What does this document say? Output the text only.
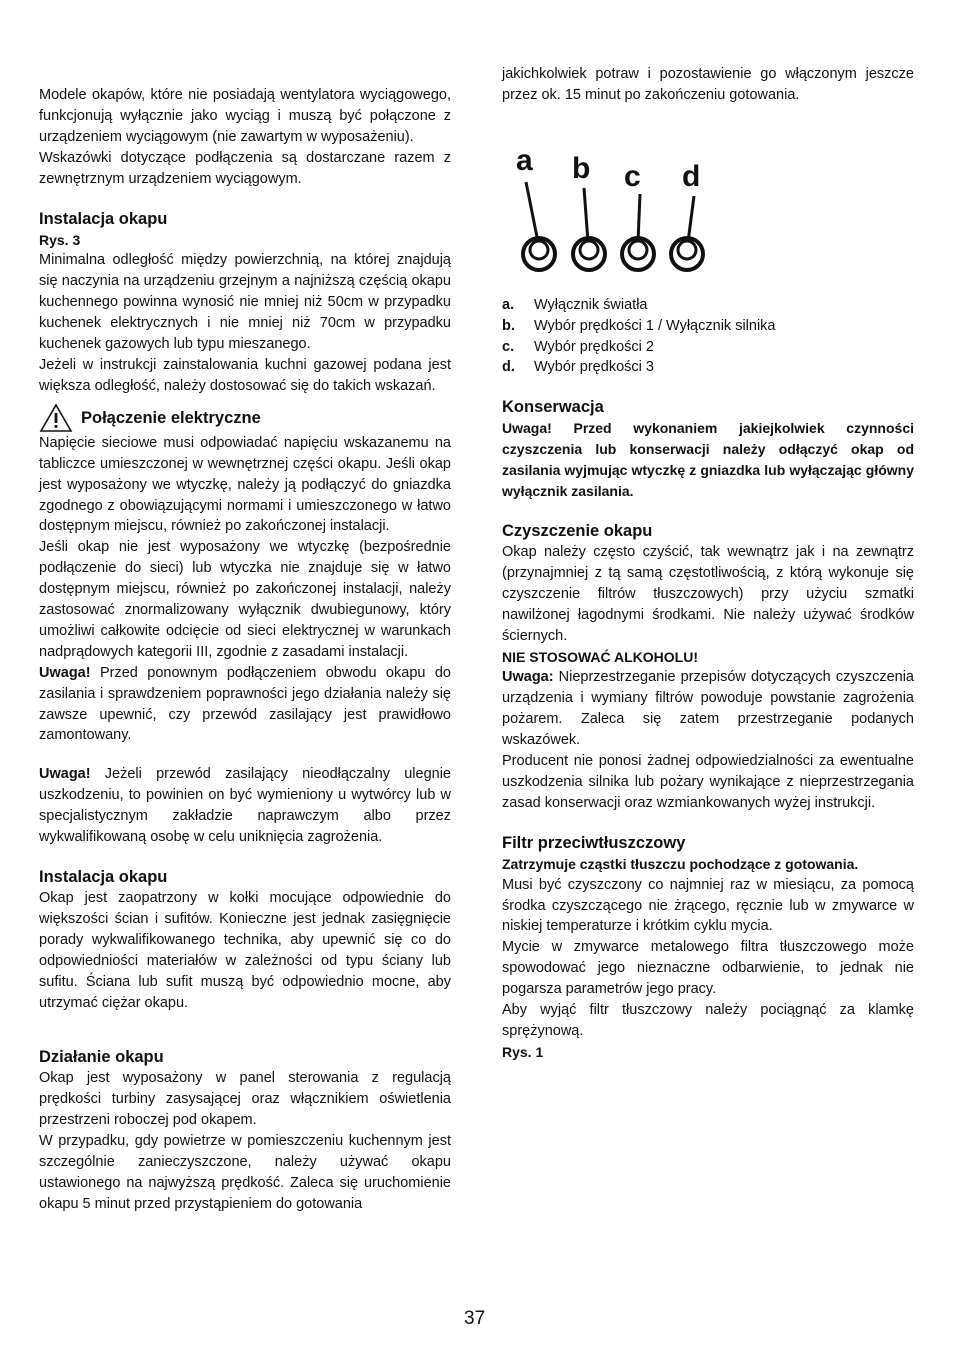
Modele okapów, które nie posiadają wentylatora wyciągowego, funkcjonują wyłącznie jako wyciąg i muszą być połączone z urządzeniem wyciągowym (nie zawartym w wyposażeniu).

Wskazówki dotyczące podłączenia są dostarczane razem z zewnętrznym urządzeniem wyciągowym.

Instalacja okapu
Rys. 3

Minimalna odległość między powierzchnią, na której znajdują się naczynia na urządzeniu grzejnym a najniższą częścią okapu kuchennego powinna wynosić nie mniej niż 50cm w przypadku kuchenek elektrycznych i nie mniej niż 70cm w przypadku kuchenek gazowych lub typu mieszanego.

Jeżeli w instrukcji zainstalowania kuchni gazowej podana jest większa odległość, należy dostosować się do takich wskazań.

Połączenie elektryczne

Napięcie sieciowe musi odpowiadać napięciu wskazanemu na tabliczce umieszczonej w wewnętrznej części okapu. Jeśli okap jest wyposażony we wtyczkę, należy ją podłączyć do gniazdka zgodnego z obowiązującymi normami i umieszczonego w łatwo dostępnym miejscu, również po zakończonej instalacji.

Jeśli okap nie jest wyposażony we wtyczkę (bezpośrednie podłączenie do sieci) lub wtyczka nie znajduje się w łatwo dostępnym miejscu, również po zakończonej instalacji, należy zastosować znormalizowany wyłącznik dwubiegunowy, który umożliwi całkowite odcięcie od sieci elektrycznej w warunkach nadprądowych kategorii III, zgodnie z zasadami instalacji.

Uwaga! Przed ponownym podłączeniem obwodu okapu do zasilania i sprawdzeniem poprawności jego działania należy się zawsze upewnić, czy przewód zasilający jest prawidłowo zamontowany.

Uwaga! Jeżeli przewód zasilający nieodłączalny ulegnie uszkodzeniu, to powinien on być wymieniony u wytwórcy lub w specjalistycznym zakładzie naprawczym albo przez wykwalifikowaną osobę w celu uniknięcia zagrożenia.

Instalacja okapu

Okap jest zaopatrzony w kołki mocujące odpowiednie do większości ścian i sufitów. Konieczne jest jednak zasięgnięcie porady wykwalifikowanego technika, aby upewnić się co do odpowiedniości materiałów w zależności od typu ściany lub sufitu. Ściana lub sufit muszą być odpowiednio mocne, aby utrzymać ciężar okapu.

Działanie okapu

Okap jest wyposażony w panel sterowania z regulacją prędkości turbiny zasysającej oraz włącznikiem oświetlenia przestrzeni roboczej pod okapem.

W przypadku, gdy powietrze w pomieszczeniu kuchennym jest szczególnie zanieczyszczone, należy używać okapu ustawionego na najwyższą prędkość. Zaleca się uruchomienie okapu 5 minut przed przystąpieniem do gotowania

jakichkolwiek potraw i pozostawienie go włączonym jeszcze przez ok. 15 minut po zakończeniu gotowania.

a b c d
a.	Wyłącznik światła
b.	Wybór prędkości 1 / Wyłącznik silnika
c.	Wybór prędkości 2
d.	Wybór prędkości 3
Konserwacja

Uwaga! Przed wykonaniem jakiejkolwiek czynności czyszczenia lub konserwacji należy odłączyć okap od zasilania wyjmując wtyczkę z gniazdka lub wyłączając główny wyłącznik zasilania.

Czyszczenie okapu

Okap należy często czyścić, tak wewnątrz jak i na zewnątrz (przynajmniej z tą samą częstotliwością, z którą wykonuje się czyszczenie filtrów tłuszczowych) przy użyciu szmatki nawilżonej łagodnymi środkami. Nie należy używać środków ściernych.

NIE STOSOWAĆ ALKOHOLU!

Uwaga: Nieprzestrzeganie przepisów dotyczących czyszczenia urządzenia i wymiany filtrów powoduje powstanie zagrożenia pożarem. Zaleca się zatem przestrzeganie podanych wskazówek.

Producent nie ponosi żadnej odpowiedzialności za ewentualne uszkodzenia silnika lub pożary wynikające z nieprzestrzegania zasad konserwacji oraz wzmiankowanych wyżej instrukcji.

Filtr przeciwtłuszczowy
Zatrzymuje cząstki tłuszczu pochodzące z gotowania.

Musi być czyszczony co najmniej raz w miesiącu, za pomocą środka czyszczącego nie żrącego, ręcznie lub w zmywarce w niskiej temperaturze i krótkim cyklu mycia.

Mycie w zmywarce metalowego filtra tłuszczowego może spowodować jego nieznaczne odbarwienie, to jednak nie pogarsza parametrów jego pracy.

Aby wyjąć filtr tłuszczowy należy pociągnąć za klamkę sprężynową.

Rys. 1
37
